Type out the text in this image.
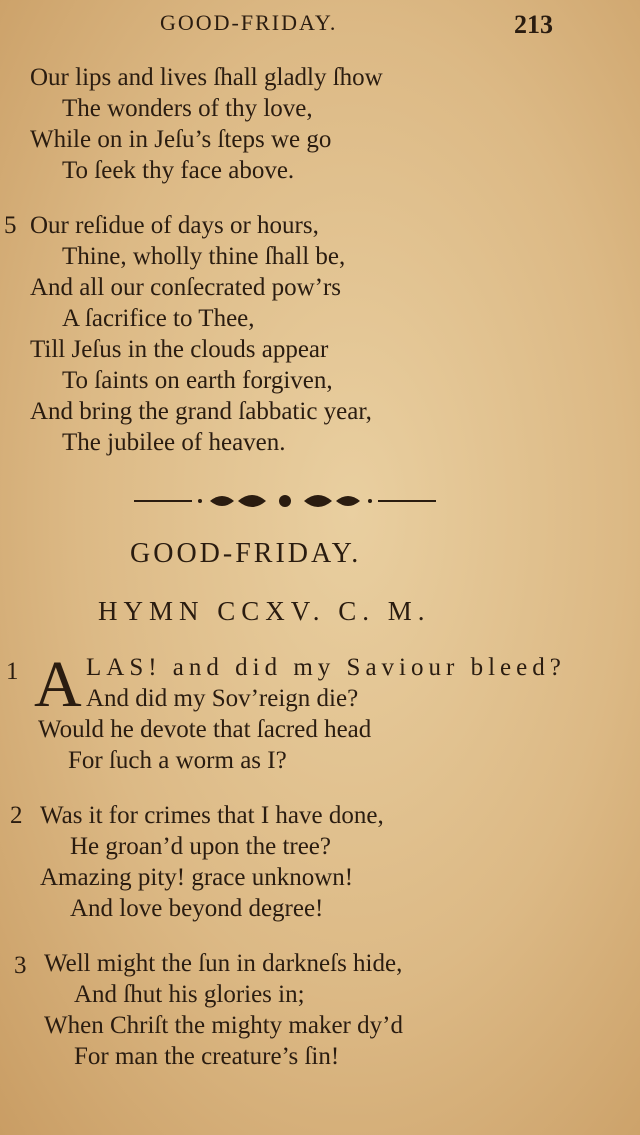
GOOD-FRIDAY.	213
Our lips and lives ſhall gladly ſhow
The wonders of thy love,
While on in Jeſu’s ſteps we go
To ſeek thy face above.
5 Our reſidue of days or hours,
Thine, wholly thine ſhall be,
And all our conſecrated pow’rs
A ſacrifice to Thee,
Till Jeſus in the clouds appear
To ſaints on earth forgiven,
And bring the grand ſabbatic year,
The jubilee of heaven.
GOOD-FRIDAY.
HYMN CCXV. C. M.
1 A LAS! and did my Saviour bleed?
And did my Sov’reign die?
Would he devote that ſacred head
For ſuch a worm as I?
2 Was it for crimes that I have done,
He groan’d upon the tree?
Amazing pity! grace unknown!
And love beyond degree!
3 Well might the ſun in darkneſs hide,
And ſhut his glories in;
When Chriſt the mighty maker dy’d
For man the creature’s ſin!
